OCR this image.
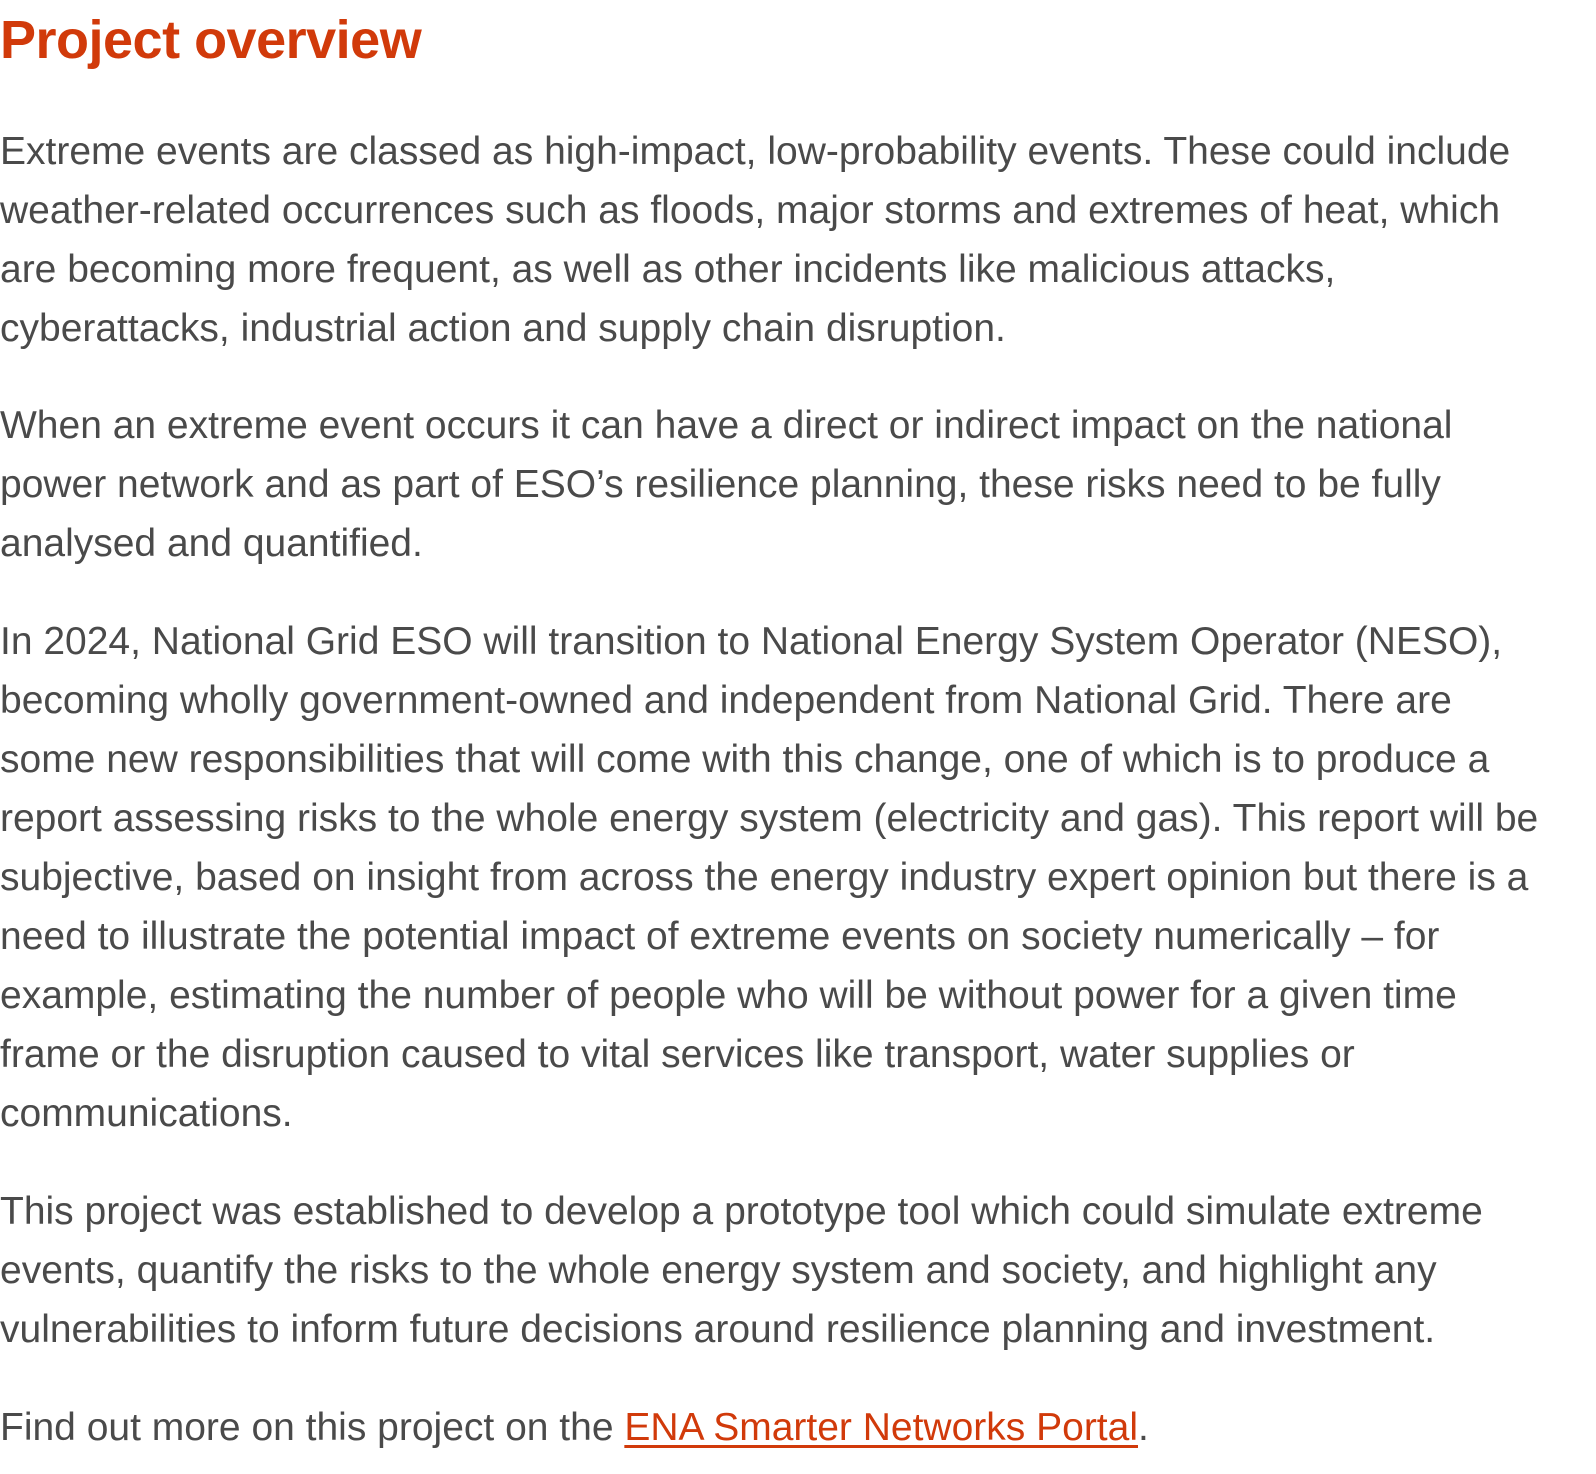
Project overview

Extreme events are classed as high-impact, low-probability events. These could include weather-related occurrences such as floods, major storms and extremes of heat, which are becoming more frequent, as well as other incidents like malicious attacks, cyberattacks, industrial action and supply chain disruption.

When an extreme event occurs it can have a direct or indirect impact on the national power network and as part of ESO’s resilience planning, these risks need to be fully analysed and quantified.

In 2024, National Grid ESO will transition to National Energy System Operator (NESO), becoming wholly government-owned and independent from National Grid. There are some new responsibilities that will come with this change, one of which is to produce a report assessing risks to the whole energy system (electricity and gas). This report will be subjective, based on insight from across the energy industry expert opinion but there is a need to illustrate the potential impact of extreme events on society numerically – for example, estimating the number of people who will be without power for a given time frame or the disruption caused to vital services like transport, water supplies or communications.

This project was established to develop a prototype tool which could simulate extreme events, quantify the risks to the whole energy system and society, and highlight any vulnerabilities to inform future decisions around resilience planning and investment.

Find out more on this project on the ENA Smarter Networks Portal.
